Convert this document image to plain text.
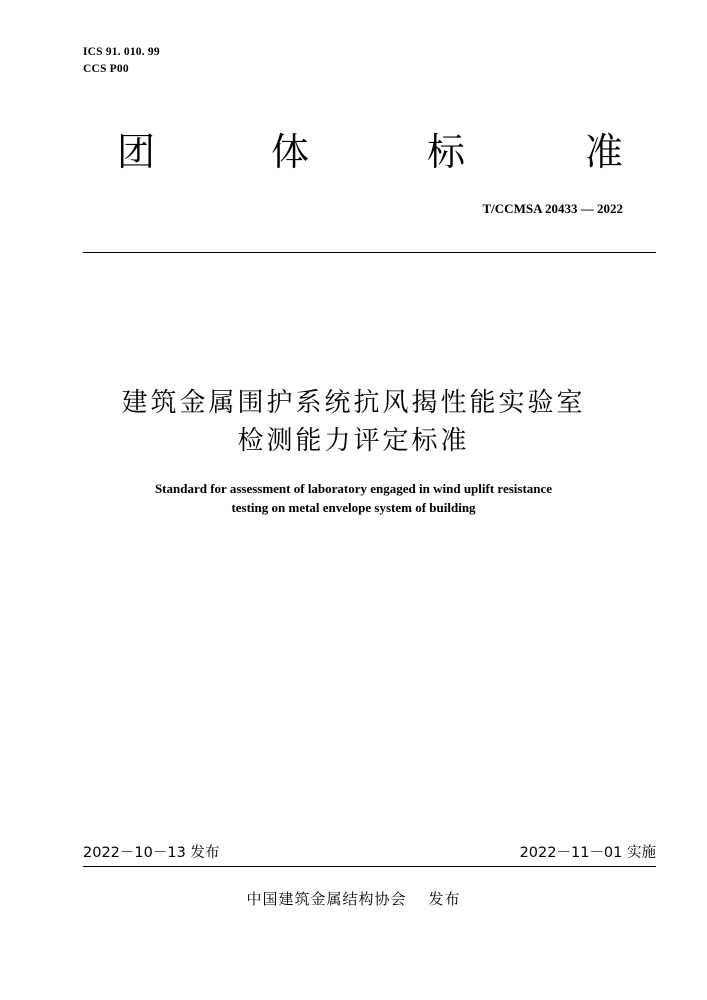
ICS 91. 010. 99
CCS P00
团	体	标	准
T/CCMSA 20433 — 2022
建筑金属围护系统抗风揭性能实验室
检测能力评定标准
Standard for assessment of laboratory engaged in wind uplift resistance
testing on metal envelope system of building
2022－10－13 发布	2022－11－01 实施
中国建筑金属结构协会 发布
